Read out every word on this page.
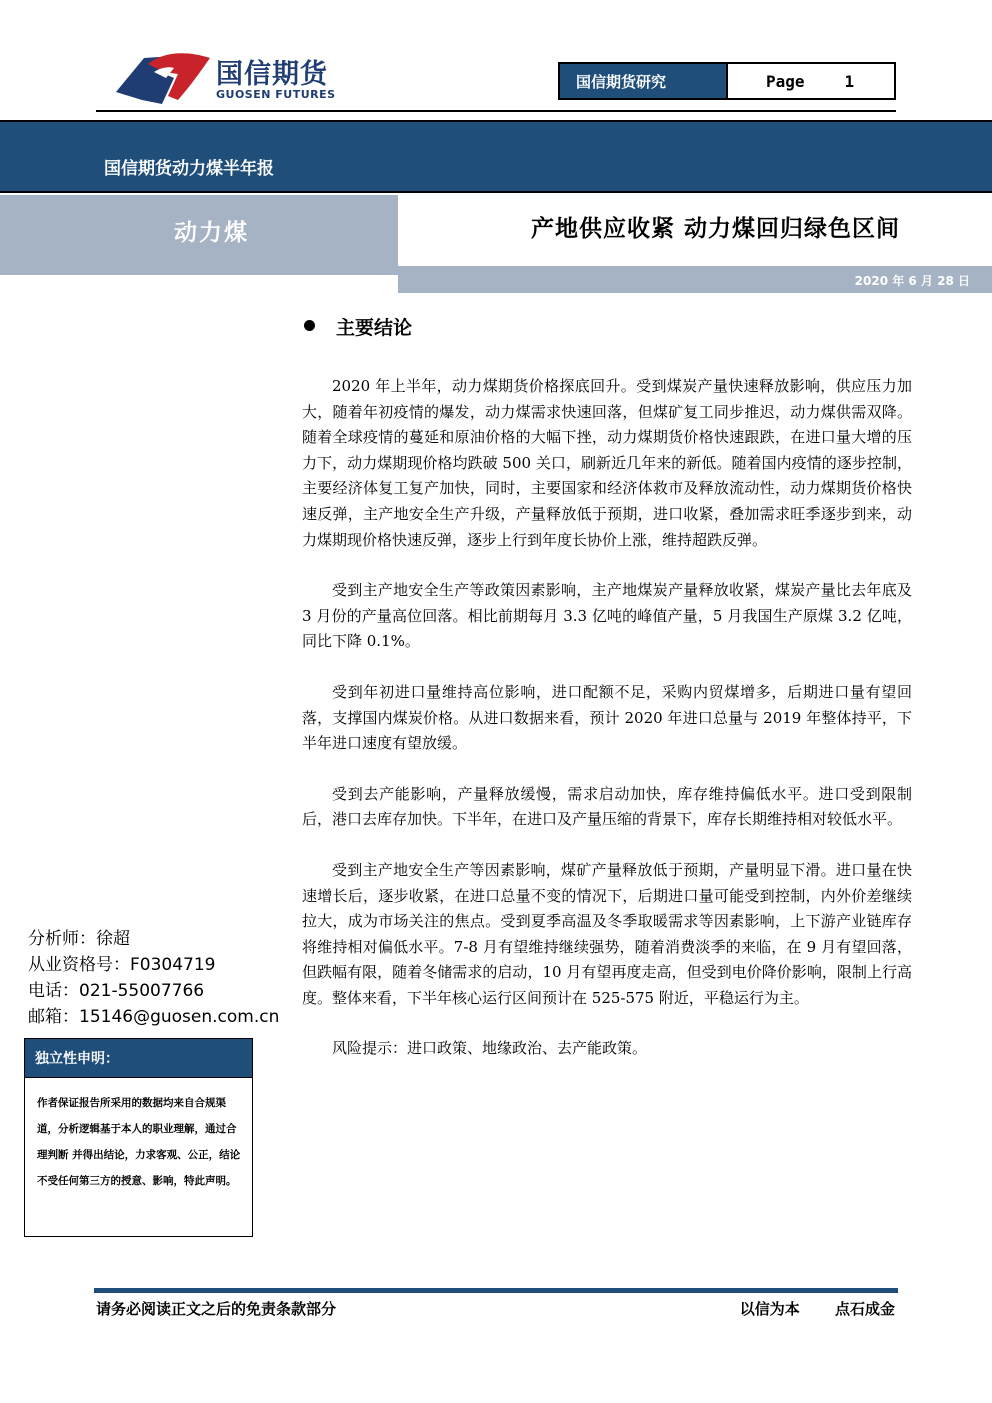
国信期货
GUOSEN FUTURES
国信期货研究	Page	1
国信期货动力煤半年报
动力煤	产地供应收紧 动力煤回归绿色区间
2020 年 6 月 28 日
主要结论

2020 年上半年，动力煤期货价格探底回升。受到煤炭产量快速释放影响，供应压力加大，随着年初疫情的爆发，动力煤需求快速回落，但煤矿复工同步推迟，动力煤供需双降。随着全球疫情的蔓延和原油价格的大幅下挫，动力煤期货价格快速跟跌，在进口量大增的压力下，动力煤期现价格均跌破 500 关口，刷新近几年来的新低。随着国内疫情的逐步控制，主要经济体复工复产加快，同时，主要国家和经济体救市及释放流动性，动力煤期货价格快速反弹，主产地安全生产升级，产量释放低于预期，进口收紧，叠加需求旺季逐步到来，动力煤期现价格快速反弹，逐步上行到年度长协价上涨，维持超跌反弹。

受到主产地安全生产等政策因素影响，主产地煤炭产量释放收紧，煤炭产量比去年底及 3 月份的产量高位回落。相比前期每月 3.3 亿吨的峰值产量，5 月我国生产原煤 3.2 亿吨，同比下降 0.1%。

受到年初进口量维持高位影响，进口配额不足，采购内贸煤增多，后期进口量有望回落，支撑国内煤炭价格。从进口数据来看，预计 2020 年进口总量与 2019 年整体持平，下半年进口速度有望放缓。

受到去产能影响，产量释放缓慢，需求启动加快，库存维持偏低水平。进口受到限制后，港口去库存加快。下半年，在进口及产量压缩的背景下，库存长期维持相对较低水平。

受到主产地安全生产等因素影响，煤矿产量释放低于预期，产量明显下滑。进口量在快速增长后，逐步收紧，在进口总量不变的情况下，后期进口量可能受到控制，内外价差继续拉大，成为市场关注的焦点。受到夏季高温及冬季取暖需求等因素影响，上下游产业链库存将维持相对偏低水平。7-8 月有望维持继续强势，随着消费淡季的来临，在 9 月有望回落，但跌幅有限，随着冬储需求的启动，10 月有望再度走高，但受到电价降价影响，限制上行高度。整体来看，下半年核心运行区间预计在 525-575 附近，平稳运行为主。

风险提示：进口政策、地缘政治、去产能政策。

分析师：徐超
从业资格号：F0304719
电话：021-55007766
邮箱：15146@guosen.com.cn
独立性申明：
作者保证报告所采用的数据均来自合规渠道，分析逻辑基于本人的职业理解，通过合理判断 并得出结论，力求客观、公正，结论不受任何第三方的授意、影响，特此声明。
请务必阅读正文之后的免责条款部分	以信为本 点石成金
